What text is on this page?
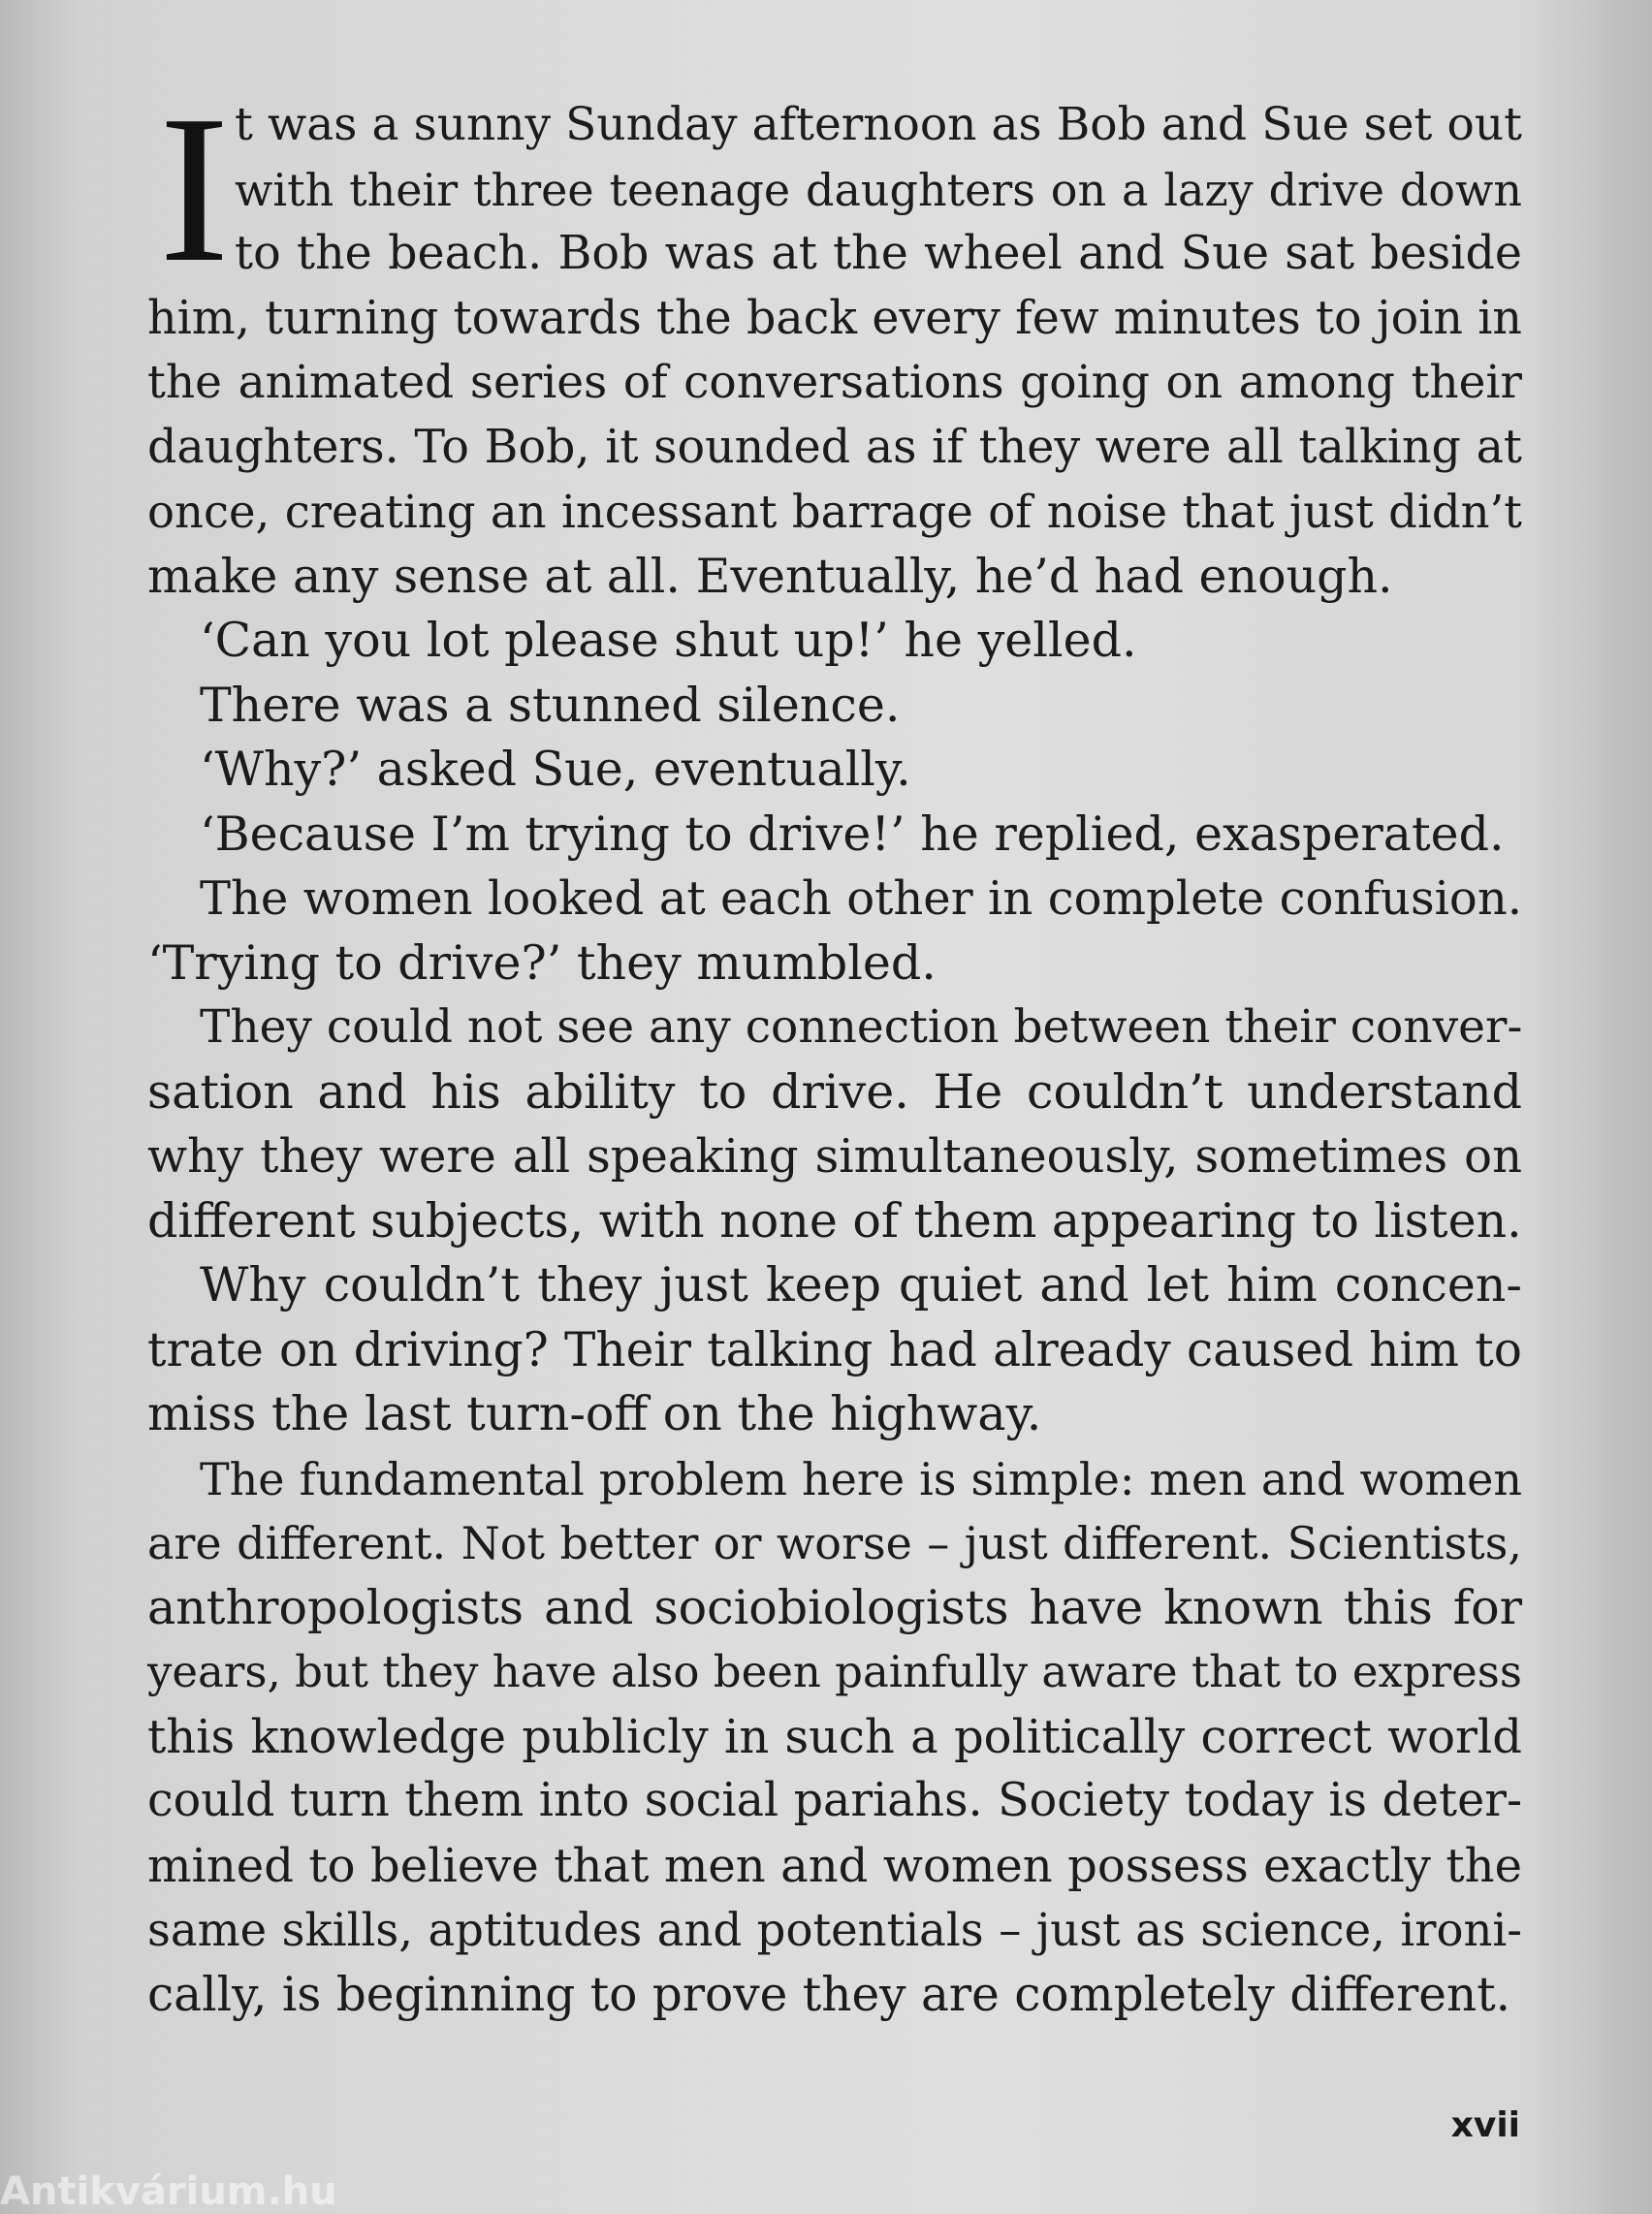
I t was a sunny Sunday afternoon as Bob and Sue set out
with their three teenage daughters on a lazy drive down
to the beach. Bob was at the wheel and Sue sat beside
him, turning towards the back every few minutes to join in
the animated series of conversations going on among their
daughters. To Bob, it sounded as if they were all talking at
once, creating an incessant barrage of noise that just didn’t
make any sense at all. Eventually, he’d had enough.
‘Can you lot please shut up!’ he yelled.
There was a stunned silence.
‘Why?’ asked Sue, eventually.
‘Because I’m trying to drive!’ he replied, exasperated.
The women looked at each other in complete confusion.
‘Trying to drive?’ they mumbled.
They could not see any connection between their conver-
sation and his ability to drive. He couldn’t understand
why they were all speaking simultaneously, sometimes on
different subjects, with none of them appearing to listen.
Why couldn’t they just keep quiet and let him concen-
trate on driving? Their talking had already caused him to
miss the last turn-off on the highway.
The fundamental problem here is simple: men and women
are different. Not better or worse – just different. Scientists,
anthropologists and sociobiologists have known this for
years, but they have also been painfully aware that to express
this knowledge publicly in such a politically correct world
could turn them into social pariahs. Society today is deter-
mined to believe that men and women possess exactly the
same skills, aptitudes and potentials – just as science, ironi-
cally, is beginning to prove they are completely different.
xvii
Antikvárium.hu
